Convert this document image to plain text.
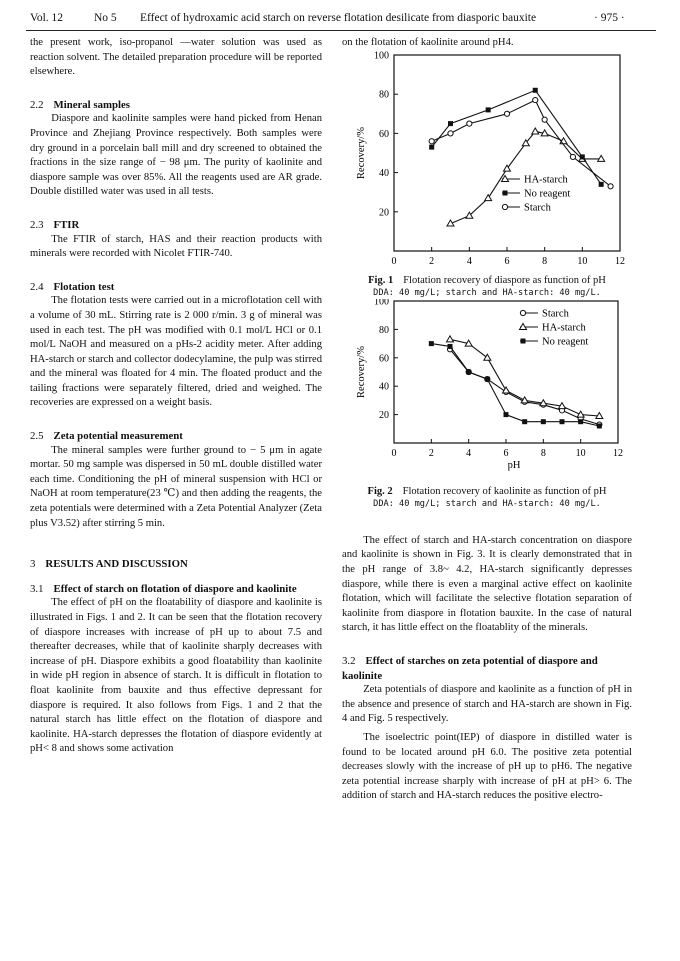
Vol. 12	No 5 Effect of hydroxamic acid starch on reverse flotation desilicate from diasporic bauxite	· 975 ·

the present work, iso-propanol —water solution was used as reaction solvent. The detailed preparation procedure will be reported elsewhere.

2.2 Mineral samples

Diaspore and kaolinite samples were hand picked from Henan Province and Zhejiang Province respectively. Both samples were dry ground in a porcelain ball mill and dry screened to obtained the fractions in the size range of − 98 μm. The purity of kaolinite and diaspore sample was over 85%. All the reagents used are AR grade. Double distilled water was used in all tests.

2.3 FTIR

The FTIR of starch, HAS and their reaction products with minerals were recorded with Nicolet FTIR-740.

2.4 Flotation test

The flotation tests were carried out in a microflotation cell with a volume of 30 mL. Stirring rate is 2 000 r/min. 3 g of mineral was used in each test. The pH was modified with 0.1 mol/L HCl or 0.1 mol/L NaOH and measured on a pHs-2 acidity meter. After adding HA-starch or starch and collector dodecylamine, the pulp was stirred and the mineral was floated for 4 min. The floated product and the tailing fractions were separately filtered, dried and weighed. The recoveries are expressed on a weight basis.

2.5 Zeta potential measurement

The mineral samples were further ground to − 5 μm in agate mortar. 50 mg sample was dispersed in 50 mL double distilled water each time. Conditioning the pH of mineral suspension with HCl or NaOH at room temperature(23 ℃) and then adding the reagents, the zeta potentials were determined with a Zeta Potential Analyzer (Zeta plus V3.52) after stirring 5 min.

3 RESULTS AND DISCUSSION
3.1 Effect of starch on flotation of diaspore and kaolinite

The effect of pH on the floatability of diaspore and kaolinite is illustrated in Figs. 1 and 2. It can be seen that the flotation recovery of diaspore increases with increase of pH up to about 7.5 and thereafter decreases, while that of kaolinite sharply decreases with increase of pH. Diaspore exhibits a good floatability than kaolinite in wide pH region in absence of starch. It is difficult in flotation to float kaolinite from bauxite and thus effective depressant for diaspore is required. It also follows from Figs. 1 and 2 that the natural starch has little effect on the flotation of diaspore and kaolinite. HA-starch depresses the flotation of diaspore evidently at pH< 8 and shows some activation

on the flotation of kaolinite around pH4.

0	2	4	6	8	10	12
20
40
60
80
100
Recovery/%
HA-starch
No reagent
Starch
Fig. 1 Flotation recovery of diaspore as function of pH
DDA: 40 mg/L; starch and HA-starch: 40 mg/L.
0	2	4	6	8	10	12
20
40
60
80
100
pH
Recovery/%
Starch
HA-starch
No reagent
Fig. 2 Flotation recovery of kaolinite as function of pH
DDA: 40 mg/L; starch and HA-starch: 40 mg/L.

The effect of starch and HA-starch concentration on diaspore and kaolinite is shown in Fig. 3. It is clearly demonstrated that in the pH range of 3.8~ 4.2, HA-starch significantly depresses diaspore, while there is even a marginal active effect on kaolinite flotation, which will facilitate the selective flotation separation of kaolinite from diaspore in flotation bauxite. In the case of natural starch, it has little effect on the floatablity of the minerals.

3.2 Effect of starches on zeta potential of diaspore and kaolinite

Zeta potentials of diaspore and kaolinite as a function of pH in the absence and presence of starch and HA-starch are shown in Fig. 4 and Fig. 5 respectively.

The isoelectric point(IEP) of diaspore in distilled water is found to be located around pH 6.0. The positive zeta potential decreases slowly with the increase of pH up to pH6. The negative zeta potential increase sharply with increase of pH at pH> 6. The addition of starch and HA-starch reduces the positive electro-
